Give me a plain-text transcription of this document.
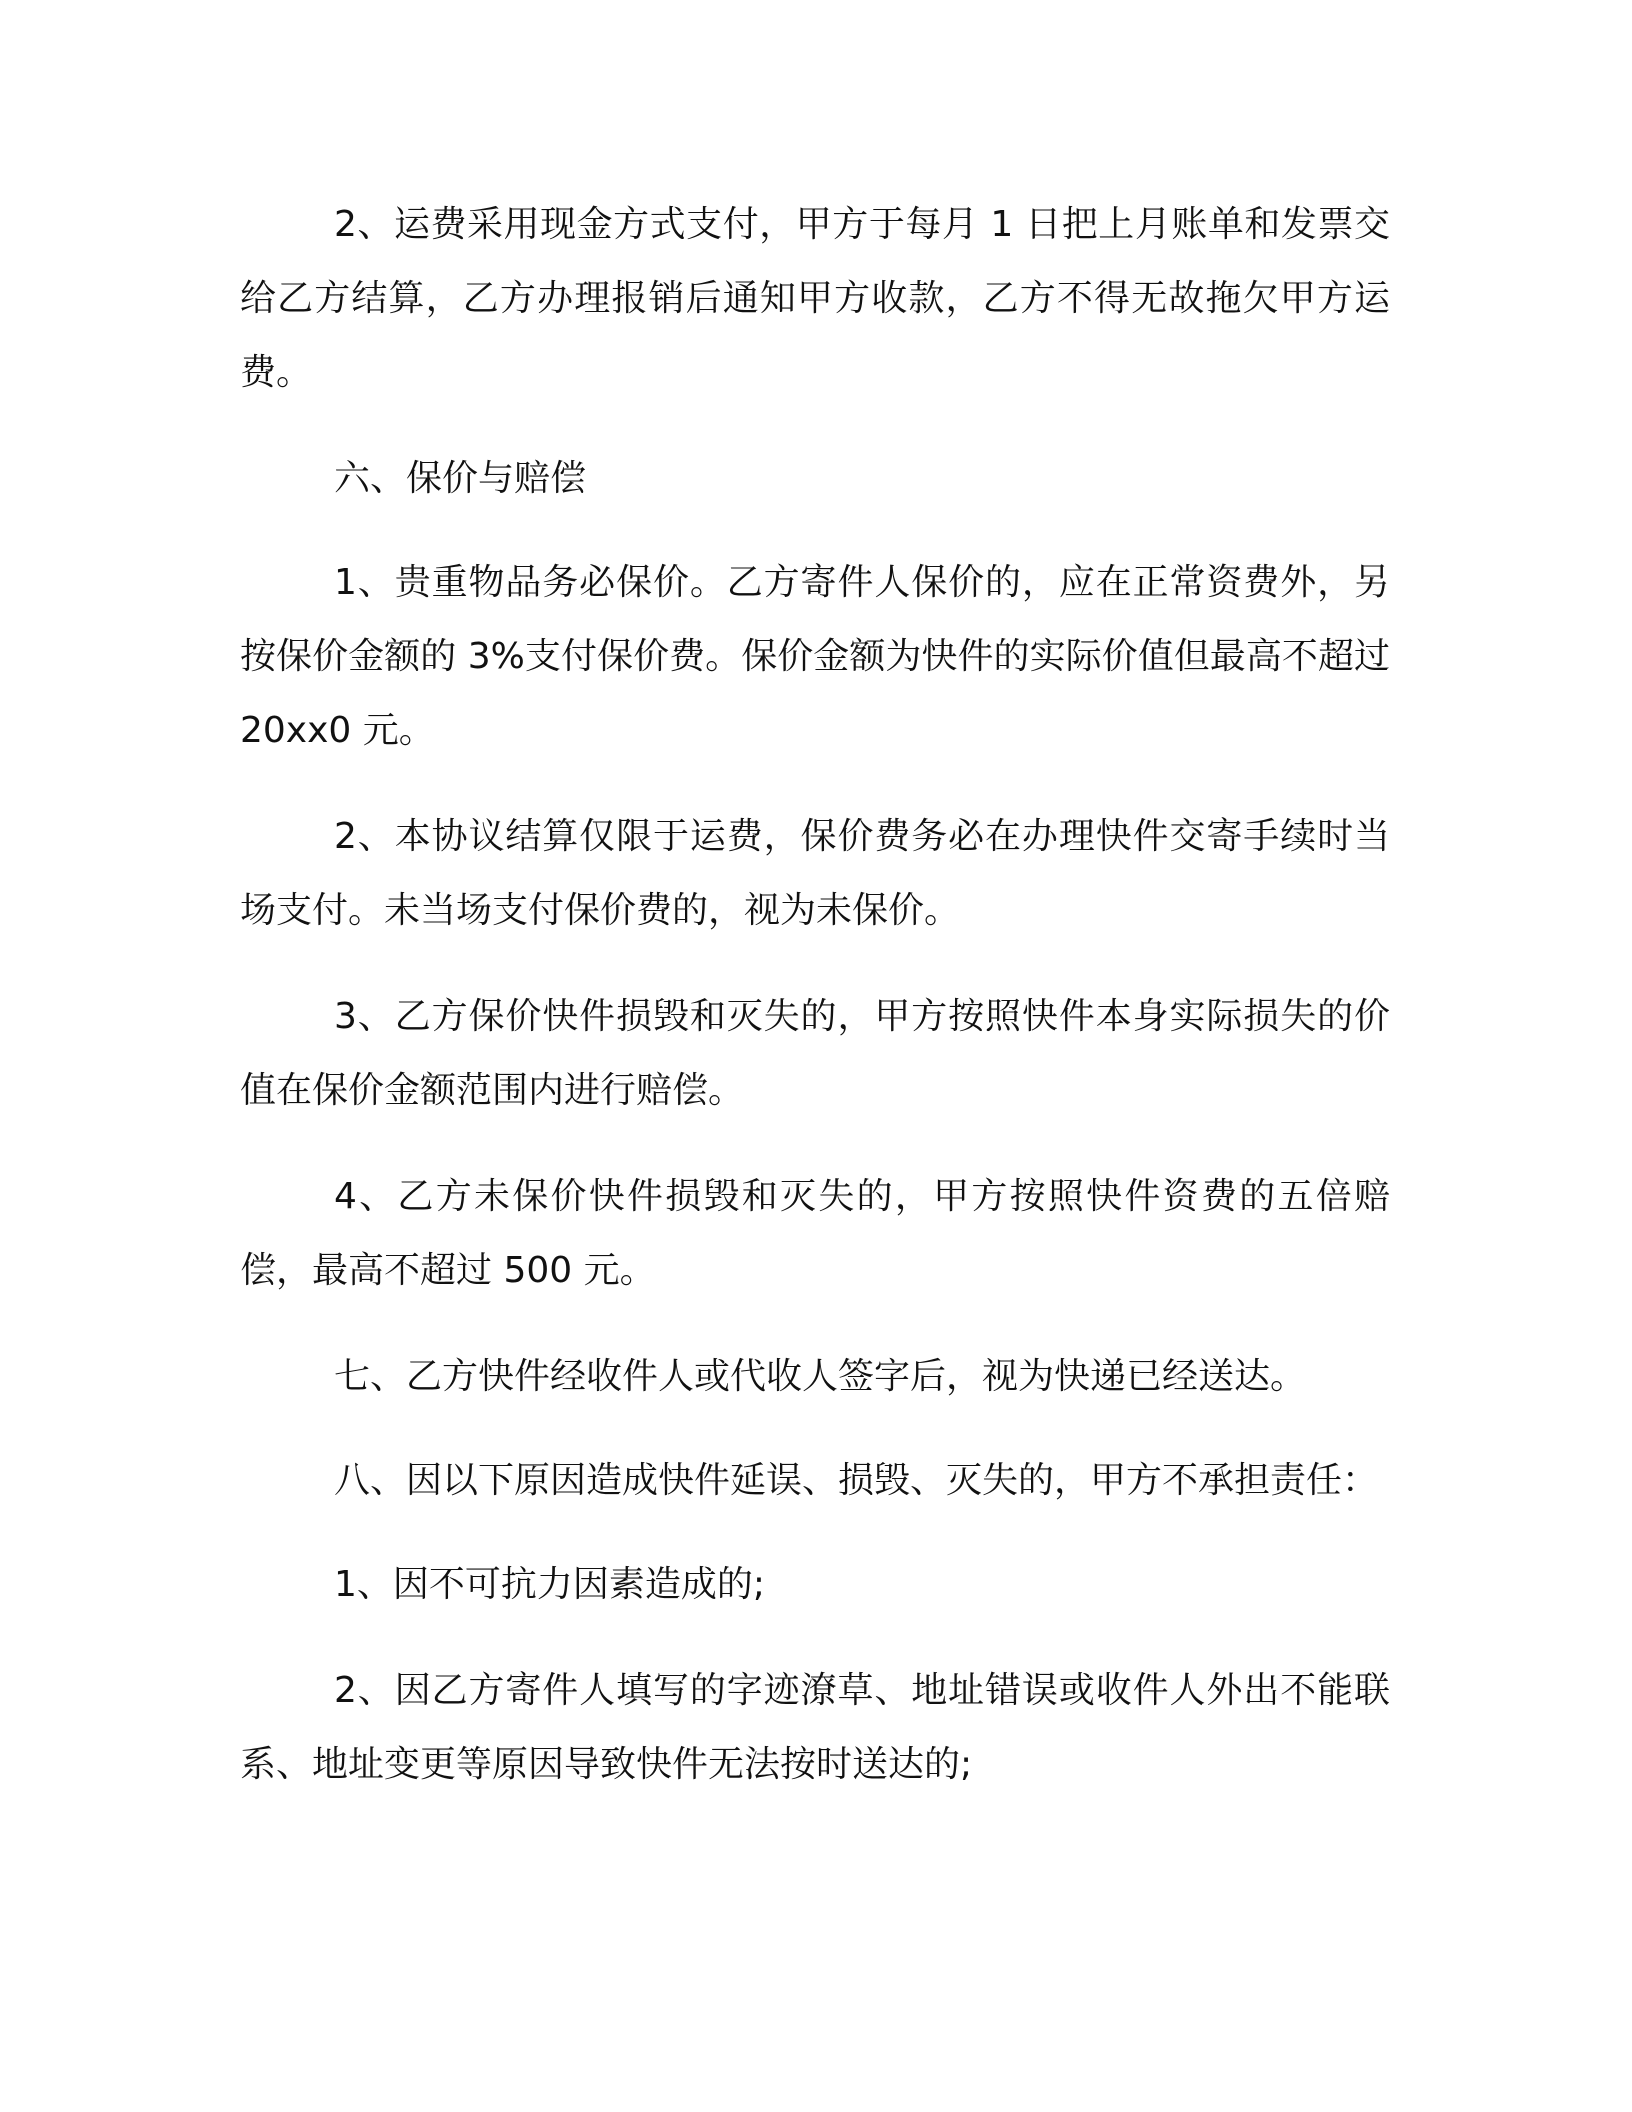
2、运费采用现金方式支付，甲方于每月 1 日把上月账单和发票交给乙方结算，乙方办理报销后通知甲方收款，乙方不得无故拖欠甲方运费。

六、保价与赔偿

1、贵重物品务必保价。乙方寄件人保价的，应在正常资费外，另按保价金额的 3%支付保价费。保价金额为快件的实际价值但最高不超过 20xx0 元。

2、本协议结算仅限于运费，保价费务必在办理快件交寄手续时当场支付。未当场支付保价费的，视为未保价。

3、乙方保价快件损毁和灭失的，甲方按照快件本身实际损失的价值在保价金额范围内进行赔偿。

4、乙方未保价快件损毁和灭失的，甲方按照快件资费的五倍赔偿，最高不超过 500 元。

七、乙方快件经收件人或代收人签字后，视为快递已经送达。

八、因以下原因造成快件延误、损毁、灭失的，甲方不承担责任：

1、因不可抗力因素造成的;

2、因乙方寄件人填写的字迹潦草、地址错误或收件人外出不能联系、地址变更等原因导致快件无法按时送达的;
